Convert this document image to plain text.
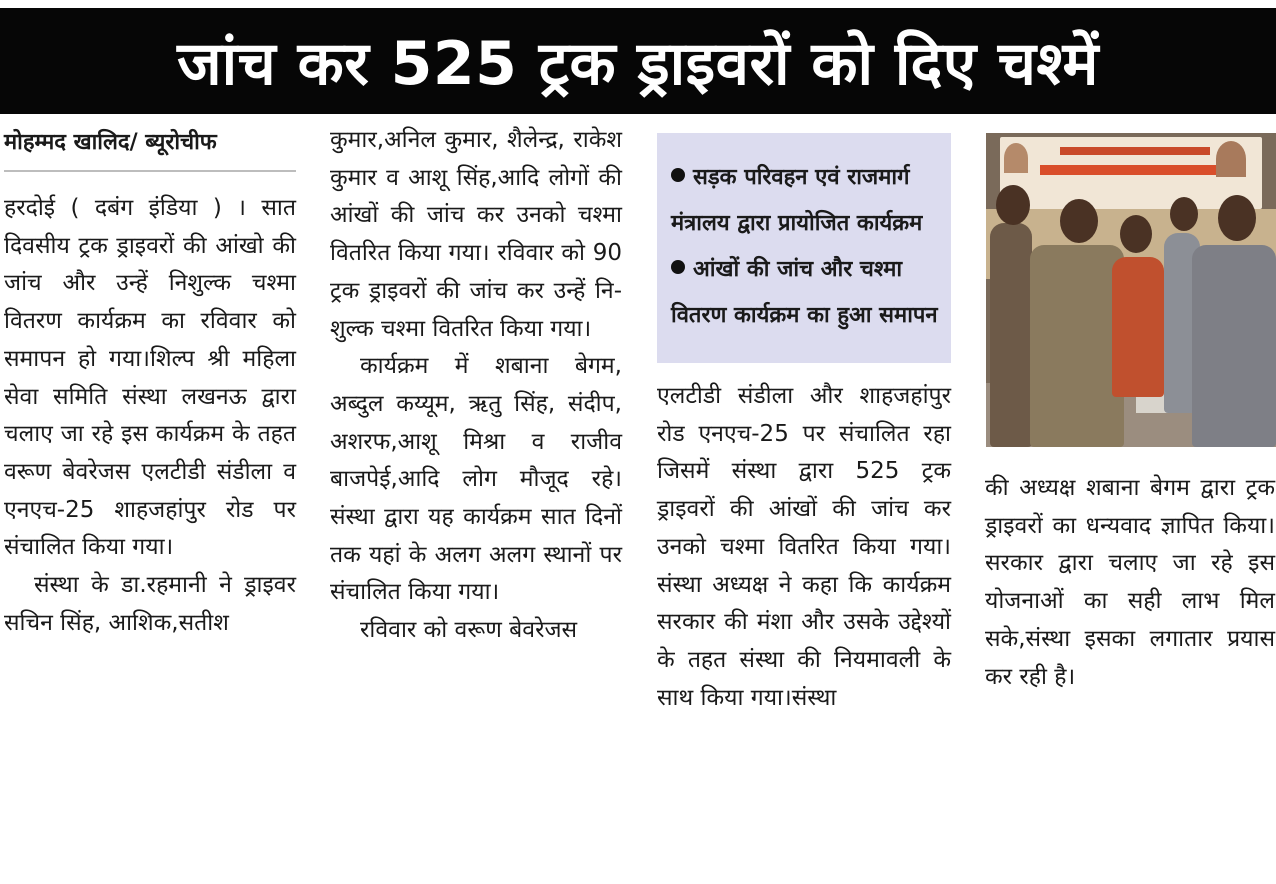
जांच कर 525 ट्रक ड्राइवरों को दिए चश्में
मोहम्मद खालिद/ ब्यूरोचीफ

हरदोई ( दबंग इंडिया ) । सात दिवसीय ट्रक ड्राइवरों की आंखो की जांच और उन्हें निशुल्क चश्मा वितरण कार्यक्रम का रविवार को समापन हो गया।शिल्प श्री महिला सेवा समिति संस्था लखनऊ द्वारा चलाए जा रहे इस कार्यक्रम के तहत वरूण बेवरेजस एलटीडी संडीला व एनएच-25 शाहजहांपुर रोड पर संचालित किया गया।

संस्था के डा.रहमानी ने ड्राइवर सचिन सिंह, आशिक,सतीश

कुमार,अनिल कुमार, शैलेन्द्र, राकेश कुमार व आशू सिंह,आदि लोगों की आंखों की जांच कर उनको चश्मा वितरित किया गया। रविवार को 90 ट्रक ड्राइवरों की जांच कर उन्हें नि-शुल्क चश्मा वितरित किया गया।

कार्यक्रम में शबाना बेगम, अब्दुल कय्यूम, ऋतु सिंह, संदीप, अशरफ,आशू मिश्रा व राजीव बाजपेई,आदि लोग मौजूद रहे। संस्था द्वारा यह कार्यक्रम सात दिनों तक यहां के अलग अलग स्थानों पर संचालित किया गया।

रविवार को वरूण बेवरेजस

सड़क परिवहन एवं राजमार्ग मंत्रालय द्वारा प्रायोजित कार्यक्रम

आंखों की जांच और चश्मा वितरण कार्यक्रम का हुआ समापन

एलटीडी संडीला और शाहजहांपुर रोड एनएच-25 पर संचालित रहा जिसमें संस्था द्वारा 525 ट्रक ड्राइवरों की आंखों की जांच कर उनको चश्मा वितरित किया गया। संस्था अध्यक्ष ने कहा कि कार्यक्रम सरकार की मंशा और उसके उद्देश्यों के तहत संस्था की नियमावली के साथ किया गया।संस्था

की अध्यक्ष शबाना बेगम द्वारा ट्रक ड्राइवरों का धन्यवाद ज्ञापित किया। सरकार द्वारा चलाए जा रहे इस योजनाओं का सही लाभ मिल सके,संस्था इसका लगातार प्रयास कर रही है।
